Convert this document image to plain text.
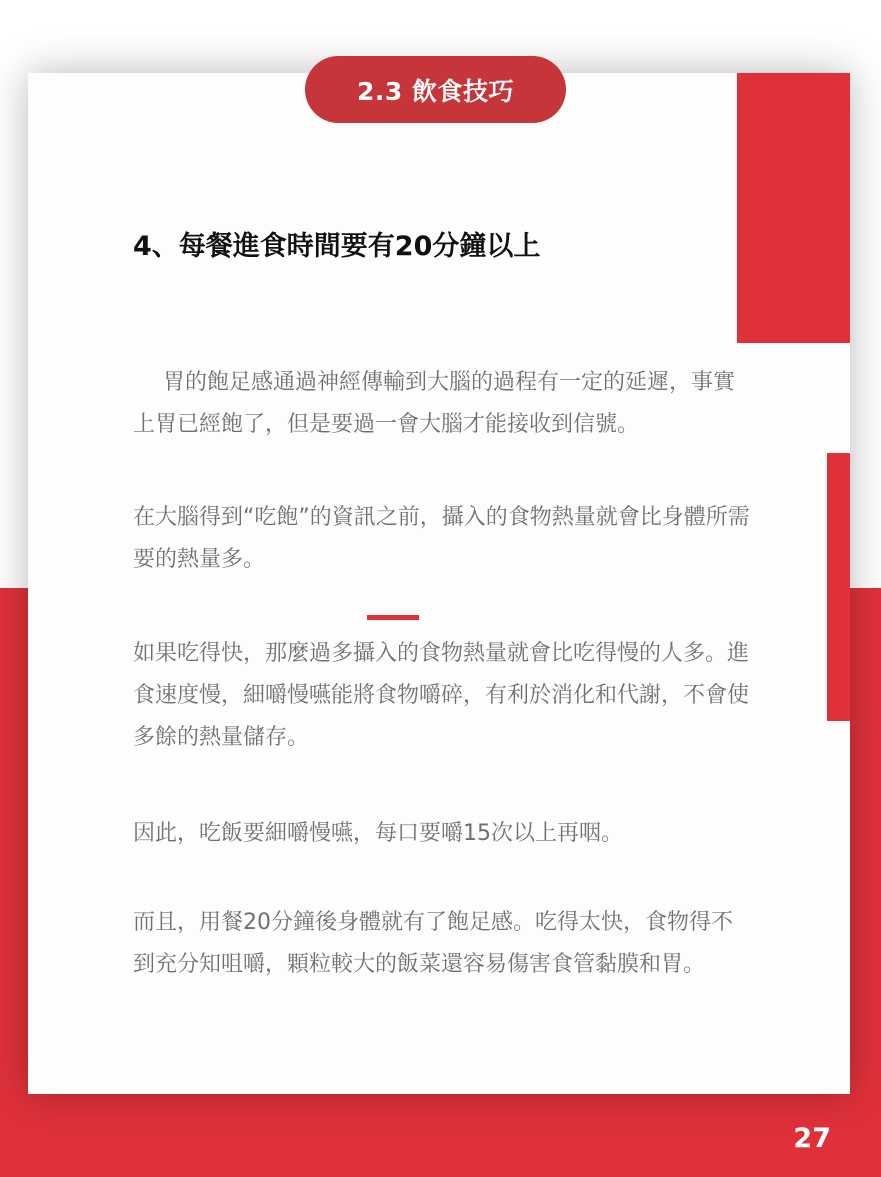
2.3 飲食技巧
4、每餐進食時間要有20分鐘以上

胃的飽足感通過神經傳輸到大腦的過程有一定的延遲，事實上胃已經飽了，但是要過一會大腦才能接收到信號。

在大腦得到“吃飽”的資訊之前，攝入的食物熱量就會比身體所需要的熱量多。

如果吃得快，那麼過多攝入的食物熱量就會比吃得慢的人多。進食速度慢，細嚼慢嚥能將食物嚼碎，有利於消化和代謝，不會使多餘的熱量儲存。

因此，吃飯要細嚼慢嚥，每口要嚼15次以上再咽。

而且，用餐20分鐘後身體就有了飽足感。吃得太快，食物得不到充分知咀嚼，顆粒較大的飯菜還容易傷害食管黏膜和胃。

27
